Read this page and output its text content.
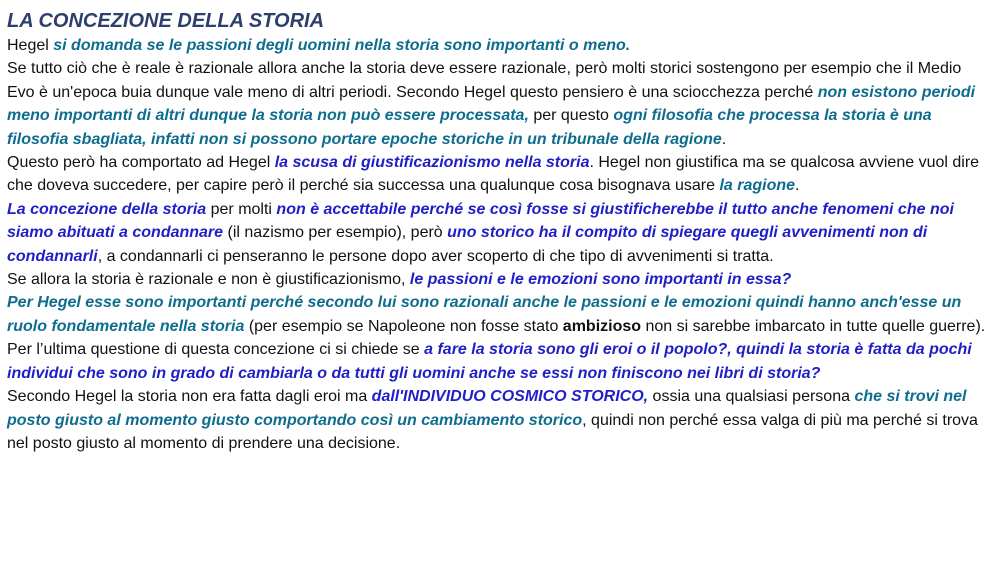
LA CONCEZIONE DELLA STORIA

Hegel si domanda se le passioni degli uomini nella storia sono importanti o meno.

Se tutto ciò che è reale è razionale allora anche la storia deve essere razionale, però molti storici sostengono per esempio che il Medio Evo è un'epoca buia dunque vale meno di altri periodi. Secondo Hegel questo pensiero è una sciocchezza perché non esistono periodi meno importanti di altri dunque la storia non può essere processata, per questo ogni filosofia che processa la storia è una filosofia sbagliata, infatti non si possono portare epoche storiche in un tribunale della ragione.

Questo però ha comportato ad Hegel la scusa di giustificazionismo nella storia. Hegel non giustifica ma se qualcosa avviene vuol dire che doveva succedere, per capire però il perché sia successa una qualunque cosa bisognava usare la ragione.

La concezione della storia per molti non è accettabile perché se così fosse si giustificherebbe il tutto anche fenomeni che noi siamo abituati a condannare (il nazismo per esempio), però uno storico ha il compito di spiegare quegli avvenimenti non di condannarli, a condannarli ci penseranno le persone dopo aver scoperto di che tipo di avvenimenti si tratta.

Se allora la storia è razionale e non è giustificazionismo, le passioni e le emozioni sono importanti in essa?

Per Hegel esse sono importanti perché secondo lui sono razionali anche le passioni e le emozioni quindi hanno anch'esse un ruolo fondamentale nella storia (per esempio se Napoleone non fosse stato ambizioso non si sarebbe imbarcato in tutte quelle guerre).

Per l’ultima questione di questa concezione ci si chiede se a fare la storia sono gli eroi o il popolo?, quindi la storia è fatta da pochi individui che sono in grado di cambiarla o da tutti gli uomini anche se essi non finiscono nei libri di storia?

Secondo Hegel la storia non era fatta dagli eroi ma dall'INDIVIDUO COSMICO STORICO, ossia una qualsiasi persona che si trovi nel posto giusto al momento giusto comportando così un cambiamento storico, quindi non perché essa valga di più ma perché si trova nel posto giusto al momento di prendere una decisione.
